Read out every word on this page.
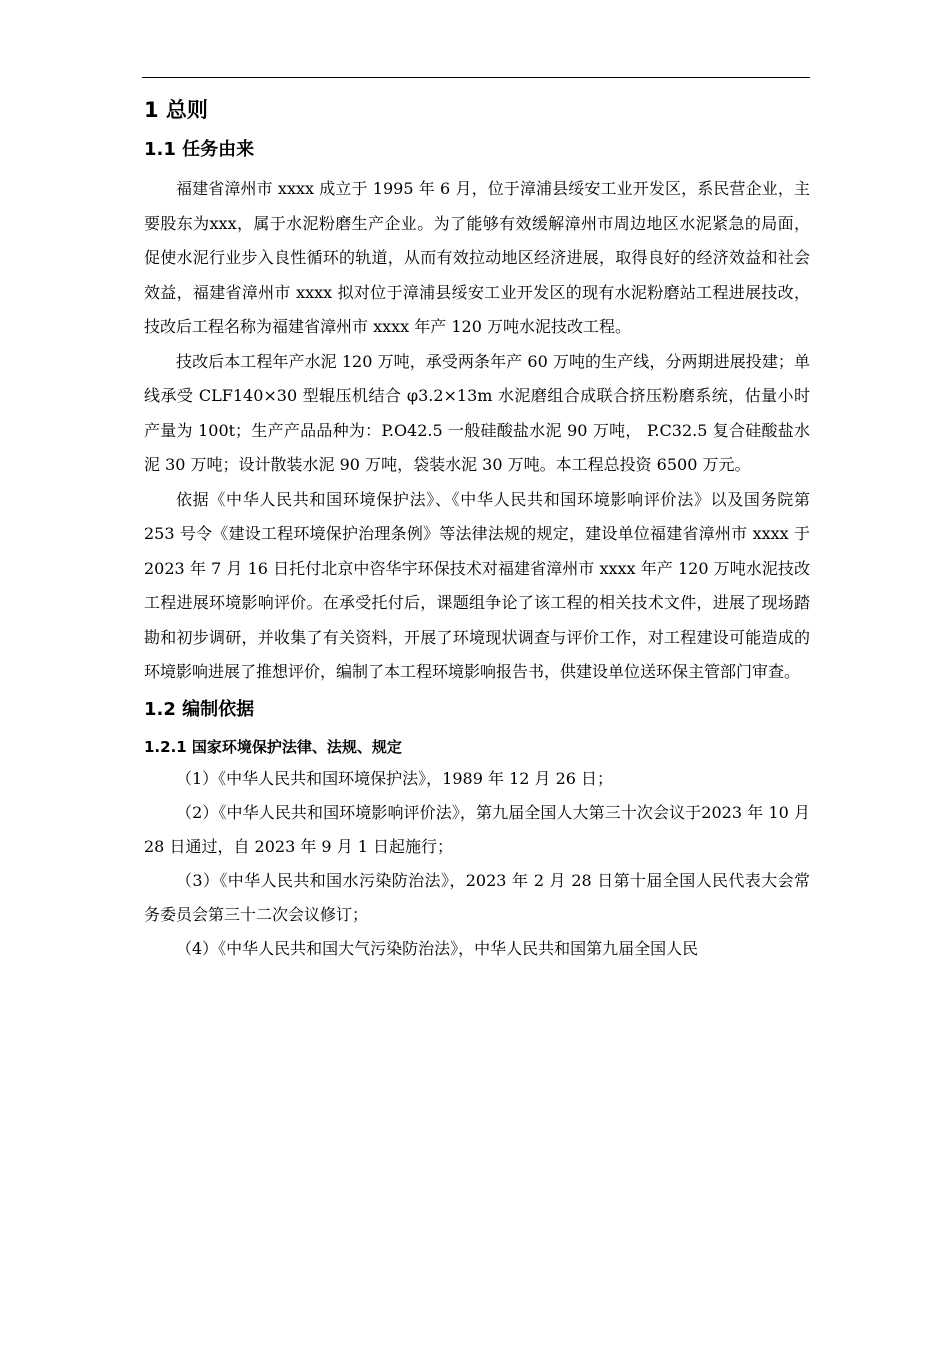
1 总则
1.1 任务由来

福建省漳州市 xxxx 成立于 1995 年 6 月，位于漳浦县绥安工业开发区，系民营企业，主要股东为xxx，属于水泥粉磨生产企业。为了能够有效缓解漳州市周边地区水泥紧急的局面，促使水泥行业步入良性循环的轨道，从而有效拉动地区经济进展，取得良好的经济效益和社会效益，福建省漳州市 xxxx 拟对位于漳浦县绥安工业开发区的现有水泥粉磨站工程进展技改，技改后工程名称为福建省漳州市 xxxx 年产 120 万吨水泥技改工程。

技改后本工程年产水泥 120 万吨，承受两条年产 60 万吨的生产线，分两期进展投建；单线承受 CLF140×30 型辊压机结合 φ3.2×13m 水泥磨组合成联合挤压粉磨系统，估量小时产量为 100t；生产产品品种为：P.O42.5 一般硅酸盐水泥 90 万吨， P.C32.5 复合硅酸盐水泥 30 万吨；设计散装水泥 90 万吨，袋装水泥 30 万吨。本工程总投资 6500 万元。

依据《中华人民共和国环境保护法》、《中华人民共和国环境影响评价法》以及国务院第 253 号令《建设工程环境保护治理条例》等法律法规的规定，建设单位福建省漳州市 xxxx 于 2023 年 7 月 16 日托付北京中咨华宇环保技术对福建省漳州市 xxxx 年产 120 万吨水泥技改工程进展环境影响评价。在承受托付后，课题组争论了该工程的相关技术文件，进展了现场踏勘和初步调研，并收集了有关资料，开展了环境现状调查与评价工作，对工程建设可能造成的环境影响进展了推想评价，编制了本工程环境影响报告书，供建设单位送环保主管部门审查。

1.2 编制依据
1.2.1 国家环境保护法律、法规、规定

（1）《中华人民共和国环境保护法》，1989 年 12 月 26 日；

（2）《中华人民共和国环境影响评价法》，第九届全国人大第三十次会议于2023 年 10 月 28 日通过，自 2023 年 9 月 1 日起施行；

（3）《中华人民共和国水污染防治法》，2023 年 2 月 28 日第十届全国人民代表大会常务委员会第三十二次会议修订；

（4）《中华人民共和国大气污染防治法》，中华人民共和国第九届全国人民
